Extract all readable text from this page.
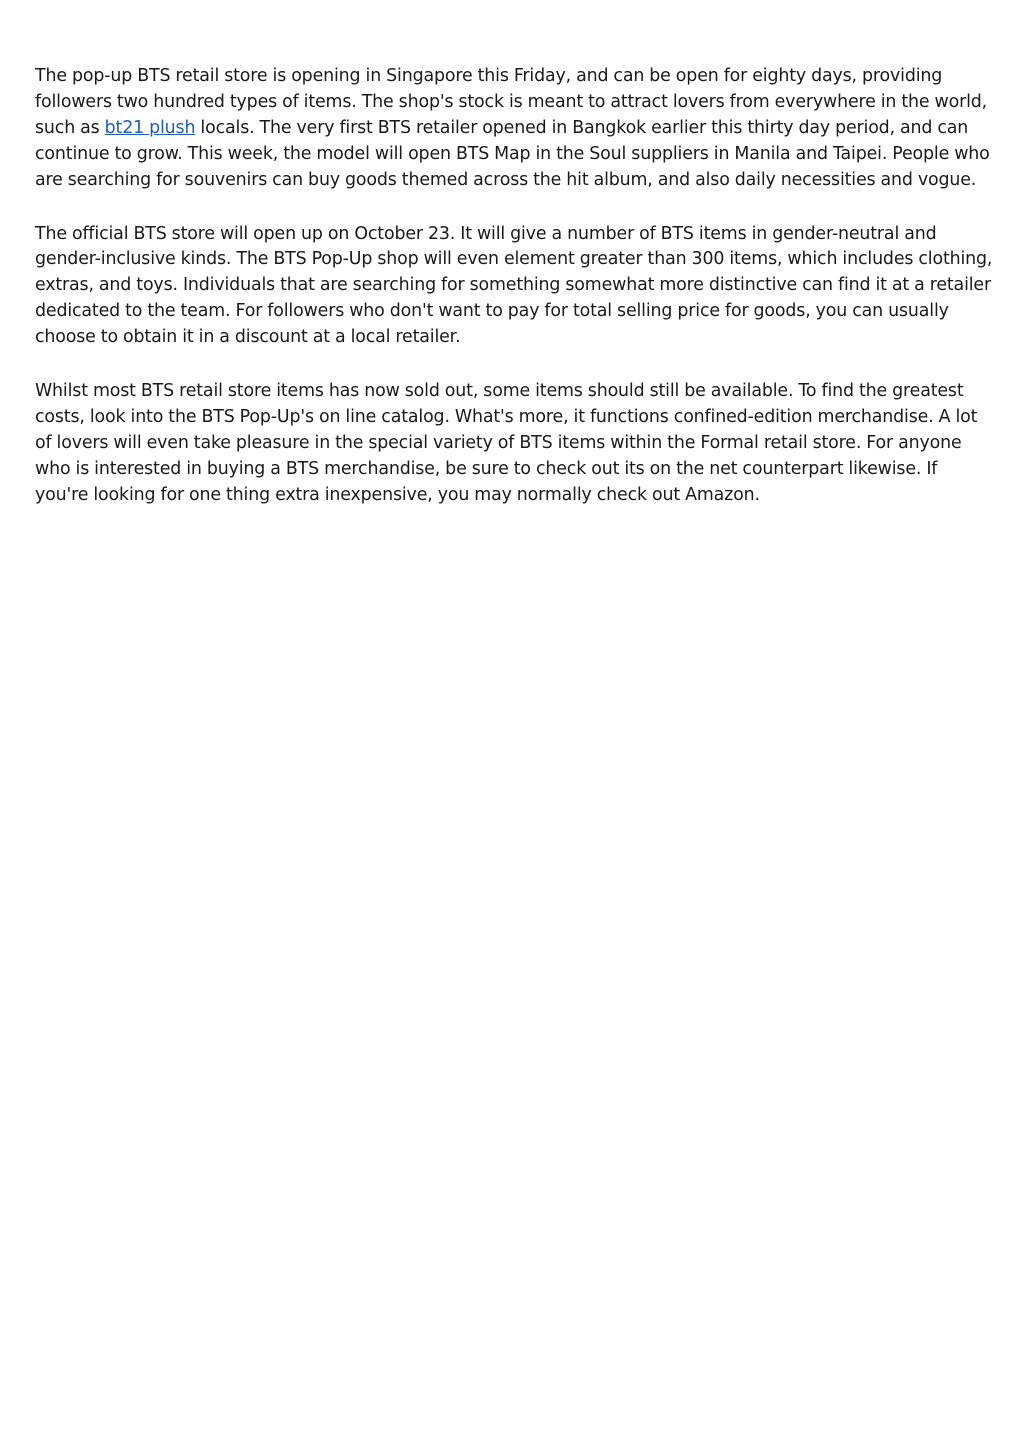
The pop-up BTS retail store is opening in Singapore this Friday, and can be open for eighty days, providing followers two hundred types of items. The shop's stock is meant to attract lovers from everywhere in the world, such as bt21 plush locals. The very first BTS retailer opened in Bangkok earlier this thirty day period, and can continue to grow. This week, the model will open BTS Map in the Soul suppliers in Manila and Taipei. People who are searching for souvenirs can buy goods themed across the hit album, and also daily necessities and vogue.

The official BTS store will open up on October 23. It will give a number of BTS items in gender-neutral and gender-inclusive kinds. The BTS Pop-Up shop will even element greater than 300 items, which includes clothing, extras, and toys. Individuals that are searching for something somewhat more distinctive can find it at a retailer dedicated to the team. For followers who don't want to pay for total selling price for goods, you can usually choose to obtain it in a discount at a local retailer.

Whilst most BTS retail store items has now sold out, some items should still be available. To find the greatest costs, look into the BTS Pop-Up's on line catalog. What's more, it functions confined-edition merchandise. A lot of lovers will even take pleasure in the special variety of BTS items within the Formal retail store. For anyone who is interested in buying a BTS merchandise, be sure to check out its on the net counterpart likewise. If you're looking for one thing extra inexpensive, you may normally check out Amazon.
